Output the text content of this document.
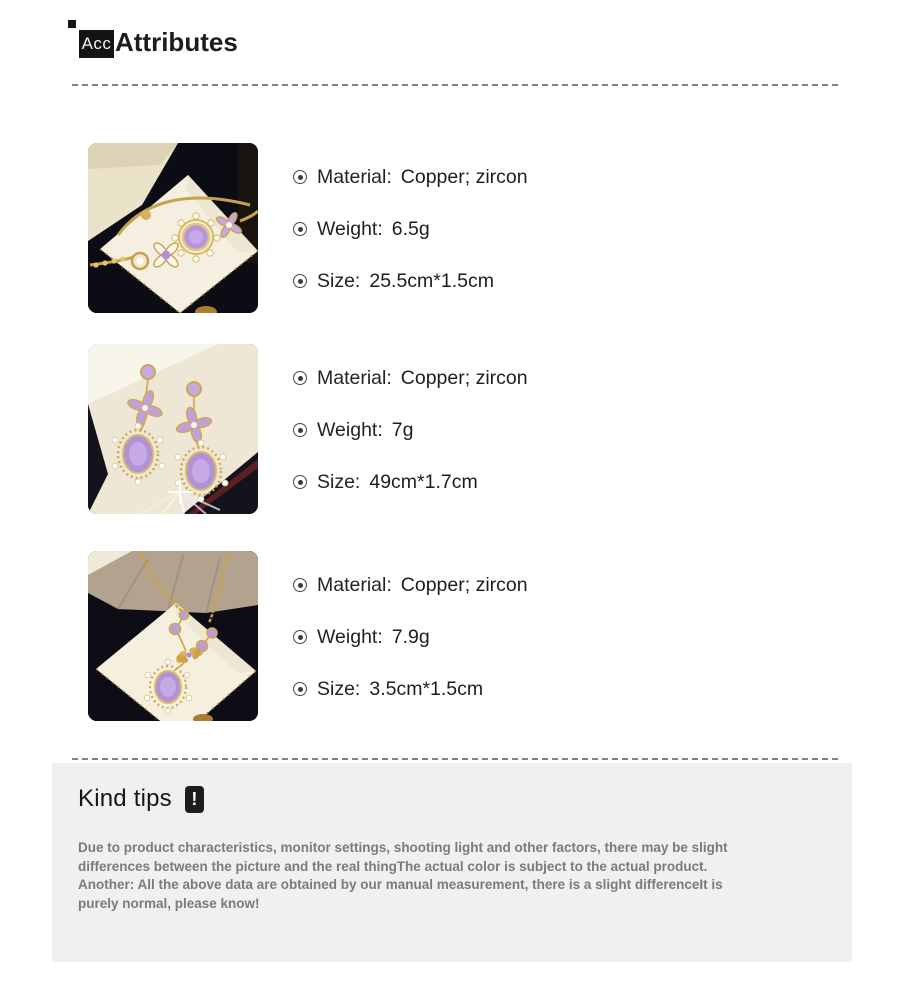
Acc Attributes
Material: Copper; zircon
Weight: 6.5g
Size: 25.5cm*1.5cm
Material: Copper; zircon
Weight: 7g
Size: 49cm*1.7cm
Material: Copper; zircon
Weight: 7.9g
Size: 3.5cm*1.5cm
Kind tips	!
Due to product characteristics, monitor settings, shooting light and other factors, there may be slight differences between the picture and the real thingThe actual color is subject to the actual product. Another: All the above data are obtained by our manual measurement, there is a slight differenceIt is purely normal, please know!
